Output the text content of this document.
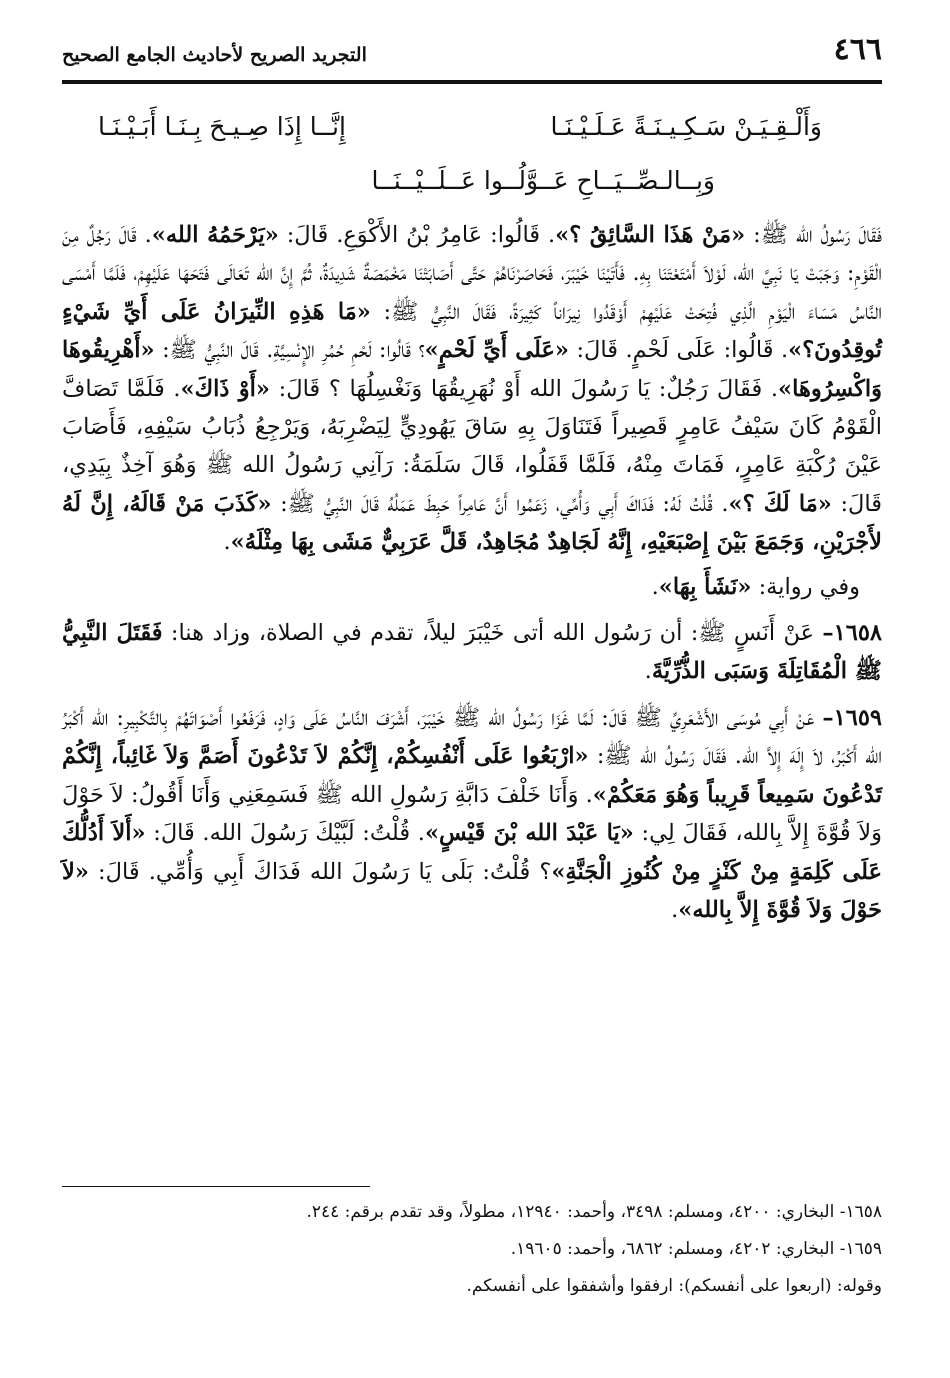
٤٦٦
التجريد الصريح لأحاديث الجامع الصحيح
وَأَلْـقِـيَـنْ سَـكِـيـنَـةً عَـلَـيْـنَـا
إِنَّــا إِذَا صِـيـحَ بِـنَـا أَبَـيْـنَـا
وَبِــالـصِّــيَــاحِ عَــوَّلُــوا عَــلَــيْــنَــا

فَقَالَ رَسُولُ الله ﷺ: «مَنْ هَذَا السَّائِقُ ؟». قَالُوا: عَامِرُ بْنُ الأَكْوَعِ. قَالَ: «يَرْحَمُهُ الله». قَالَ رَجُلٌ مِنَ الْقَوْمِ: وَجَبَتْ يَا نَبِيَّ الله، لَوْلاَ أَمْتَعْتَنَا بِهِ. فَأَتَيْنَا خَيْبَرَ، فَحَاصَرْنَاهُمْ حَتَّى أَصَابَتْنَا مَخْمَصَةٌ شَدِيدَةٌ، ثُمَّ إِنَّ الله تَعَالَى فَتَحَهَا عَلَيْهِمْ، فَلَمَّا أَمْسَى النَّاسُ مَسَاءَ الْيَوْمِ الَّذِي فُتِحَتْ عَلَيْهِمْ أَوْقَدُوا نِيرَاناً كَثِيرَةً، فَقَالَ النَّبِيُّ ﷺ: «مَا هَذِهِ النِّيرَانُ عَلَى أَيِّ شَيْءٍ تُوقِدُونَ؟». قَالُوا: عَلَى لَحْمٍ. قَالَ: «عَلَى أَيِّ لَحْمٍ»؟ قَالُوا: لَحْمِ حُمُرِ الإِنْسِيَّةِ. قَالَ النَّبِيُّ ﷺ: «أَهْرِيقُوهَا وَاكْسِرُوهَا». فَقَالَ رَجُلٌ: يَا رَسُولَ الله أَوْ نُهَرِيقُهَا وَنَغْسِلُهَا ؟ قَالَ: «أَوْ ذَاكَ». فَلَمَّا تَصَافَّ الْقَوْمُ كَانَ سَيْفُ عَامِرٍ قَصِيراً فَتَنَاوَلَ بِهِ سَاقَ يَهُودِيٍّ لِيَضْرِبَهُ، وَيَرْجِعُ ذُبَابُ سَيْفِهِ، فَأَصَابَ عَيْنَ رُكْبَةِ عَامِرٍ، فَمَاتَ مِنْهُ، فَلَمَّا قَفَلُوا، قَالَ سَلَمَةُ: رَآنِي رَسُولُ الله ﷺ وَهُوَ آخِذٌ بِيَدِي، قَالَ: «مَا لَكَ ؟». قُلْتُ لَهُ: فَدَاكَ أَبِي وَأُمِّي، زَعَمُوا أَنَّ عَامِراً حَبِطَ عَمَلُهُ قَالَ النَّبِيُّ ﷺ: «كَذَبَ مَنْ قَالَهُ، إِنَّ لَهُ لأَجْرَيْنِ، وَجَمَعَ بَيْنَ إِصْبَعَيْهِ، إِنَّهُ لَجَاهِدٌ مُجَاهِدٌ، قَلَّ عَرَبِيٌّ مَشَى بِهَا مِثْلَهُ».

وفي رواية: «نَشَأَ بِهَا».

١٦٥٨– عَنْ أَنَسٍ ﷺ: أن رَسُول الله أتى خَيْبَرَ ليلاً، تقدم في الصلاة، وزاد هنا: فَقَتَلَ النَّبِيُّ ﷺ الْمُقَاتِلَةَ وَسَبَى الذُّرِّيَّةَ.

١٦٥٩– عَنْ أَبِي مُوسَى الأَشْعَرِيِّ ﷺ قَالَ: لَمَّا غَزَا رَسُولُ الله ﷺ خَيْبَرَ، أَشْرَفَ النَّاسُ عَلَى وَادٍ، فَرَفَعُوا أَصْوَاتَهُمْ بِالتَّكْبِيرِ: الله أَكْبَرُ الله أَكْبَرُ، لاَ إِلَهَ إِلاَّ الله. فَقَالَ رَسُولُ الله ﷺ: «ارْبَعُوا عَلَى أَنْفُسِكُمْ، إِنَّكُمْ لاَ تَدْعُونَ أَصَمَّ وَلاَ غَائِباً، إِنَّكُمْ تَدْعُونَ سَمِيعاً قَرِيباً وَهُوَ مَعَكُمْ». وَأَنَا خَلْفَ دَابَّةِ رَسُولِ الله ﷺ فَسَمِعَنِي وَأَنَا أَقُولُ: لاَ حَوْلَ وَلاَ قُوَّةَ إِلاَّ بِالله، فَقَالَ لِي: «يَا عَبْدَ الله بْنَ قَيْسٍ». قُلْتُ: لَبَّيْكَ رَسُولَ الله. قَالَ: «أَلاَ أَدُلُّكَ عَلَى كَلِمَةٍ مِنْ كَنْزٍ مِنْ كُنُوزِ الْجَنَّةِ»؟ قُلْتُ: بَلَى يَا رَسُولَ الله فَدَاكَ أَبِي وَأُمِّي. قَالَ: «لاَ حَوْلَ وَلاَ قُوَّةَ إِلاَّ بِالله».

١٦٥٨- البخاري: ٤٢٠٠، ومسلم: ٣٤٩٨، وأحمد: ١٢٩٤٠، مطولاً، وقد تقدم برقم: ٢٤٤.

١٦٥٩- البخاري: ٤٢٠٢، ومسلم: ٦٨٦٢، وأحمد: ١٩٦٠٥.

وقوله: (اربعوا على أنفسكم): ارفقوا وأشفقوا على أنفسكم.
